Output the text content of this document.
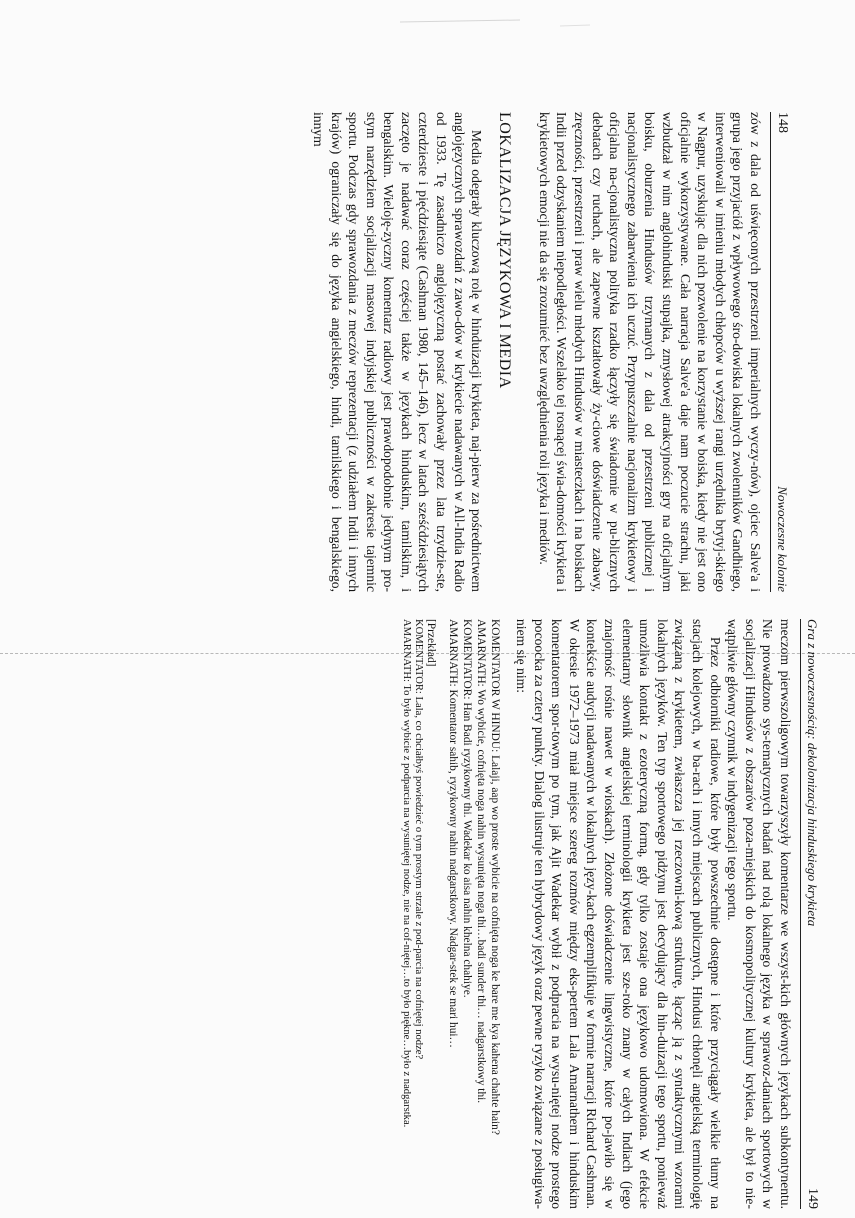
148
Nowoczesne kolonie

zów z dala od uświęconych przestrzeni imperialnych wyczy-nów), ojciec Salve'a i grupa jego przyjaciół z wpływowego śro-dowiska lokalnych zwolenników Gandhiego, interweniowali w imieniu młodych chłopców u wyższej rangi urzędnika brytyj-skiego w Nagpur, uzyskując dla nich pozwolenie na korzystanie w boiska, kiedy nie jest ono oficjalnie wykorzystywane. Cała narracja Salve'a daje nam poczucie strachu, jaki wzbudzał w nim anglohinduski stupajka, zmysłowej atrakcyjności gry na oficjalnym boisku, oburzenia Hindusów trzymanych z dala od przestrzeni publicznej i nacjonalistycznego zabarwienia ich uczuć. Przypuszczalnie nacjonalizm krykietowy i oficjalna na-cjonalistyczna polityka rzadko łączyły się świadomie w pu-blicznych debatach czy ruchach, ale zapewne kształtowały ży-ciowe doświadczenie zabawy, zręczności, przestrzeni i praw wielu młodych Hindusów w miasteczkach i na boiskach Indii przed odzyskaniem niepodległości. Wszelako tej rosnącej świa-domości krykieta i krykietowych emocji nie da się zrozumieć bez uwzględnienia roli języka i mediów.

LOKALIZACJA JĘZYKOWA I MEDIA

Media odegrały kluczową rolę w hinduizacji krykieta, naj-pierw za pośrednictwem anglojęzycznych sprawozdań z zawo-dów w krykiecie nadawanych w All-India Radio od 1933. Tę zasadniczo anglojęzyczną postać zachowały przez lata trzydzie-ste, czterdzieste i pięćdziesiąte (Cashman 1980, 145–146), lecz w latach sześćdziesiątych zaczęto je nadawać coraz częściej także w językach hinduskim, tamilskim, i bengalskim. Wieloję-zyczny komentarz radiowy jest prawdopodobnie jedynym pro-stym narzędziem socjalizacji masowej indyjskiej publiczności w zakresie tajemnic sportu. Podczas gdy sprawozdania z meczów reprezentacji (z udziałem Indii i innych krajów) ograniczały się do języka angielskiego, hindi, tamilskiego i bengalskiego, innym

Gra z nowoczesnością: dekolonizacja hinduskiego krykieta
149

meczom pierwszoligowym towarzyszyły komentarze we wszyst-kich głównych językach subkontynentu. Nie prowadzono sys-tematycznych badań nad rolą lokalnego języka w sprawoz-daniach sportowych w socjalizacji Hindusów z obszarów poza-miejskich do kosmopolitycznej kultury krykieta, ale był to nie-wątpliwie główny czynnik w indygenizacji tego sportu.

Przez odbiorniki radiowe, które były powszechnie dostępne i które przyciągały wielkie tłumy na stacjach kolejowych, w ba-rach i innych miejscach publicznych, Hindusi chłonęli angielską terminologię związaną z krykietem, zwłaszcza jej rzeczowni-kową strukturę, łącząc ją z syntaktycznymi wzorami lokalnych języków. Ten typ sportowego pidżynu jest decydujący dla hin-duizacji tego sportu, ponieważ umożliwia kontakt z ezoteryczną formą, gdy tylko zostaje ona językowo udomowiona. W efekcie elementarny słownik angielskiej terminologii krykieta jest sze-roko znany w całych Indiach (jego znajomość rośnie nawet w wioskach). Złożone doświadczenie lingwistyczne, które po-jawiło się w kontekście audycji nadawanych w lokalnych języ-kach egzemplifikuje w formie narracji Richard Cashman. W okresie 1972–1973 miał miejsce szereg rozmów między eks-pertem Lala Amarnathem i hinduskim komentatorem spor-towym po tym, jak Ajit Wadekar wybił z podpracia na wysu-niętej nodze prostego pocoocka za cztery punkty. Dialog ilustruje ten hybrydowy język oraz pewne ryzyko związane z posługiwa-niem się nim:

KOMENTATOR W HINDU: Lalaji, aap wo proste wybicie na cofnięta noga ke bare me kya kahena chahte hain?
AMARNATH: Wo wybicie, cofnięta noga nahin wysunięta noga thi…badi sunder thi… nadgarstkowy thi.
KOMENTATOR: Han Badi ryzykowny thi. Wadekar ko aisa nahin khelna chahiye.
AMARNATH: Komentator sahib, ryzykowny nahin nadgarstkowy. Nadgar-stek se mari hui…
[Przekład]
KOMENTATOR: Lala, co chciałbyś powiedzieć o tym prostym strzale z pod-parcia na cofniętej nodze?
AMARNATH: To było wybicie z podparcia na wysuniętej nodze, nie na cof-niętej…to było piękne…było z nadgarstka.
